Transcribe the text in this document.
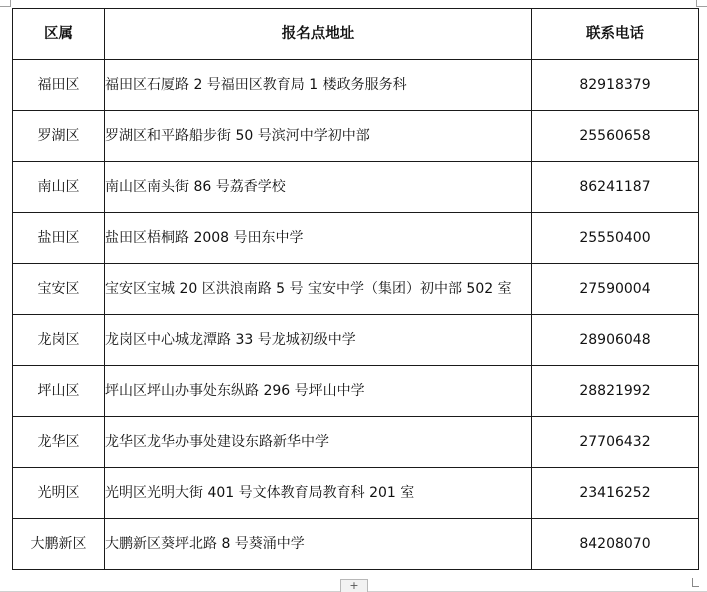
区属	报名点地址	联系电话
福田区	福田区石厦路 2 号福田区教育局 1 楼政务服务科	82918379
罗湖区	罗湖区和平路船步街 50 号滨河中学初中部	25560658
南山区	南山区南头街 86 号荔香学校	86241187
盐田区	盐田区梧桐路 2008 号田东中学	25550400
宝安区	宝安区宝城 20 区洪浪南路 5 号 宝安中学（集团）初中部 502 室	27590004
龙岗区	龙岗区中心城龙潭路 33 号龙城初级中学	28906048
坪山区	坪山区坪山办事处东纵路 296 号坪山中学	28821992
龙华区	龙华区龙华办事处建设东路新华中学	27706432
光明区	光明区光明大街 401 号文体教育局教育科 201 室	23416252
大鹏新区	大鹏新区葵坪北路 8 号葵涌中学	84208070
+
